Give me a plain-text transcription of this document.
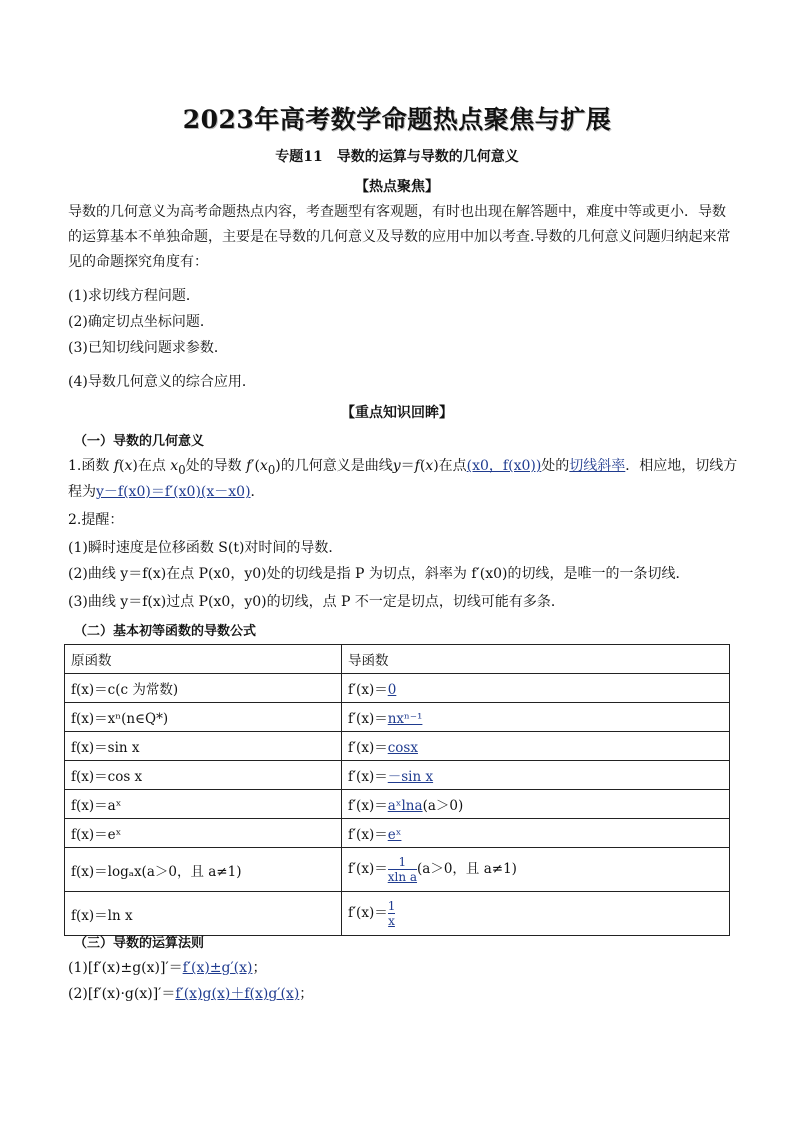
2023年高考数学命题热点聚焦与扩展
专题11　导数的运算与导数的几何意义
【热点聚焦】
导数的几何意义为高考命题热点内容，考查题型有客观题，有时也出现在解答题中，难度中等或更小．导数的运算基本不单独命题，主要是在导数的几何意义及导数的应用中加以考查.导数的几何意义问题归纳起来常见的命题探究角度有：
(1)求切线方程问题．
(2)确定切点坐标问题．
(3)已知切线问题求参数．
(4)导数几何意义的综合应用．
【重点知识回眸】
（一）导数的几何意义
1.函数 f(x)在点 $x_0$处的导数 $f'(x_0)$的几何意义是曲线y＝f(x)在点(x0，f(x0))处的切线斜率．相应地，切线方
程为y－f(x0)＝f′(x0)(x－x0)．
2.提醒：
(1)瞬时速度是位移函数 S(t)对时间的导数．
(2)曲线 y＝f(x)在点 P(x0，y0)处的切线是指 P 为切点，斜率为 f′(x0)的切线，是唯一的一条切线．
(3)曲线 y＝f(x)过点 P(x0，y0)的切线，点 P 不一定是切点，切线可能有多条．
（二）基本初等函数的导数公式
原函数	导函数
f(x)＝c(c 为常数)	f′(x)＝0
f(x)＝xⁿ(n∈Q*)	f′(x)＝nxⁿ⁻¹
f(x)＝sin x	f′(x)＝cosx
f(x)＝cos x	f′(x)＝－sin x
f(x)＝aˣ	f′(x)＝aˣlna(a＞0)
f(x)＝eˣ	f′(x)＝eˣ
f(x)＝logₐx(a＞0，且 a≠1)	$f'(x)= \frac{1}{\text{xln a}} (a>0$，且 a≠1)
f(x)＝ln x	$f'(x)= \frac{1}{x}$
（三）导数的运算法则
(1)[f′(x)±g(x)]′＝f′(x)±g′(x)；
(2)[f′(x)·g(x)]′＝f′(x)g(x)＋f(x)g′(x)；
